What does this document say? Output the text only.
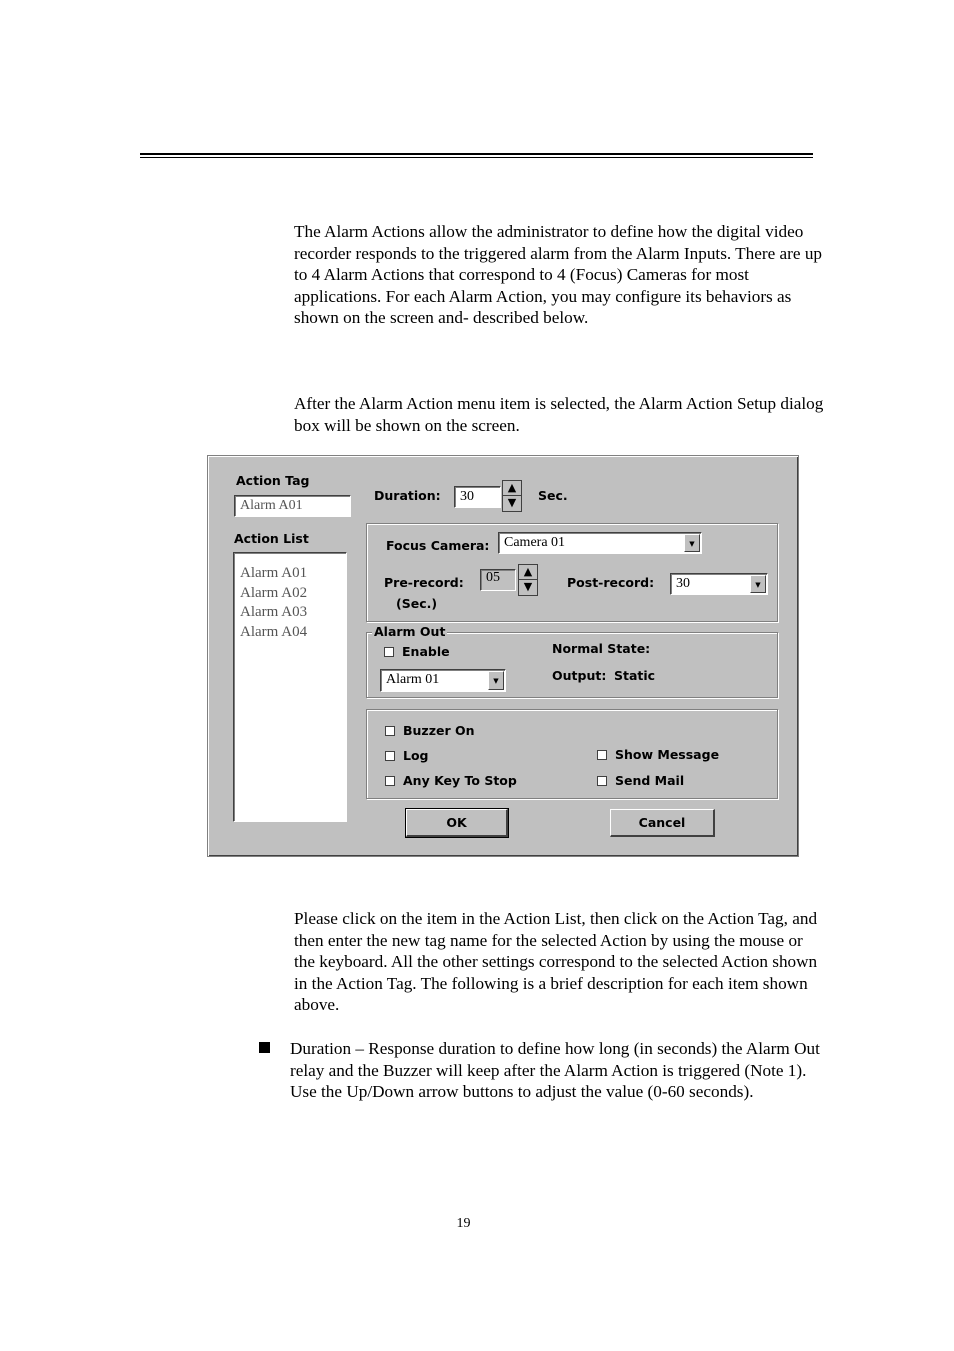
The Alarm Actions allow the administrator to define how the digital video recorder responds to the triggered alarm from the Alarm Inputs. There are up to 4 Alarm Actions that correspond to 4 (Focus) Cameras for most applications. For each Alarm Action, you may configure its behaviors as shown on the screen and- described below.

After the Alarm Action menu item is selected, the Alarm Action Setup dialog box will be shown on the screen.

Action Tag
Alarm A01
Action List
Alarm A01
Alarm A02
Alarm A03
Alarm A04
Duration:	30
▲
▼	Sec.
Focus Camera:	Camera 01	▼
Pre-record:
(Sec.)
05	▲
▼	Post-record:	30	▼
Alarm Out
Enable
Alarm 01	▼
Normal State:
Output: Static
Buzzer On
Log
Any Key To Stop
Show Message
Send Mail
OK	Cancel

Please click on the item in the Action List, then click on the Action Tag, and then enter the new tag name for the selected Action by using the mouse or the keyboard. All the other settings correspond to the selected Action shown in the Action Tag. The following is a brief description for each item shown above.

Duration – Response duration to define how long (in seconds) the Alarm Out relay and the Buzzer will keep after the Alarm Action is triggered (Note 1). Use the Up/Down arrow buttons to adjust the value (0-60 seconds).

19
